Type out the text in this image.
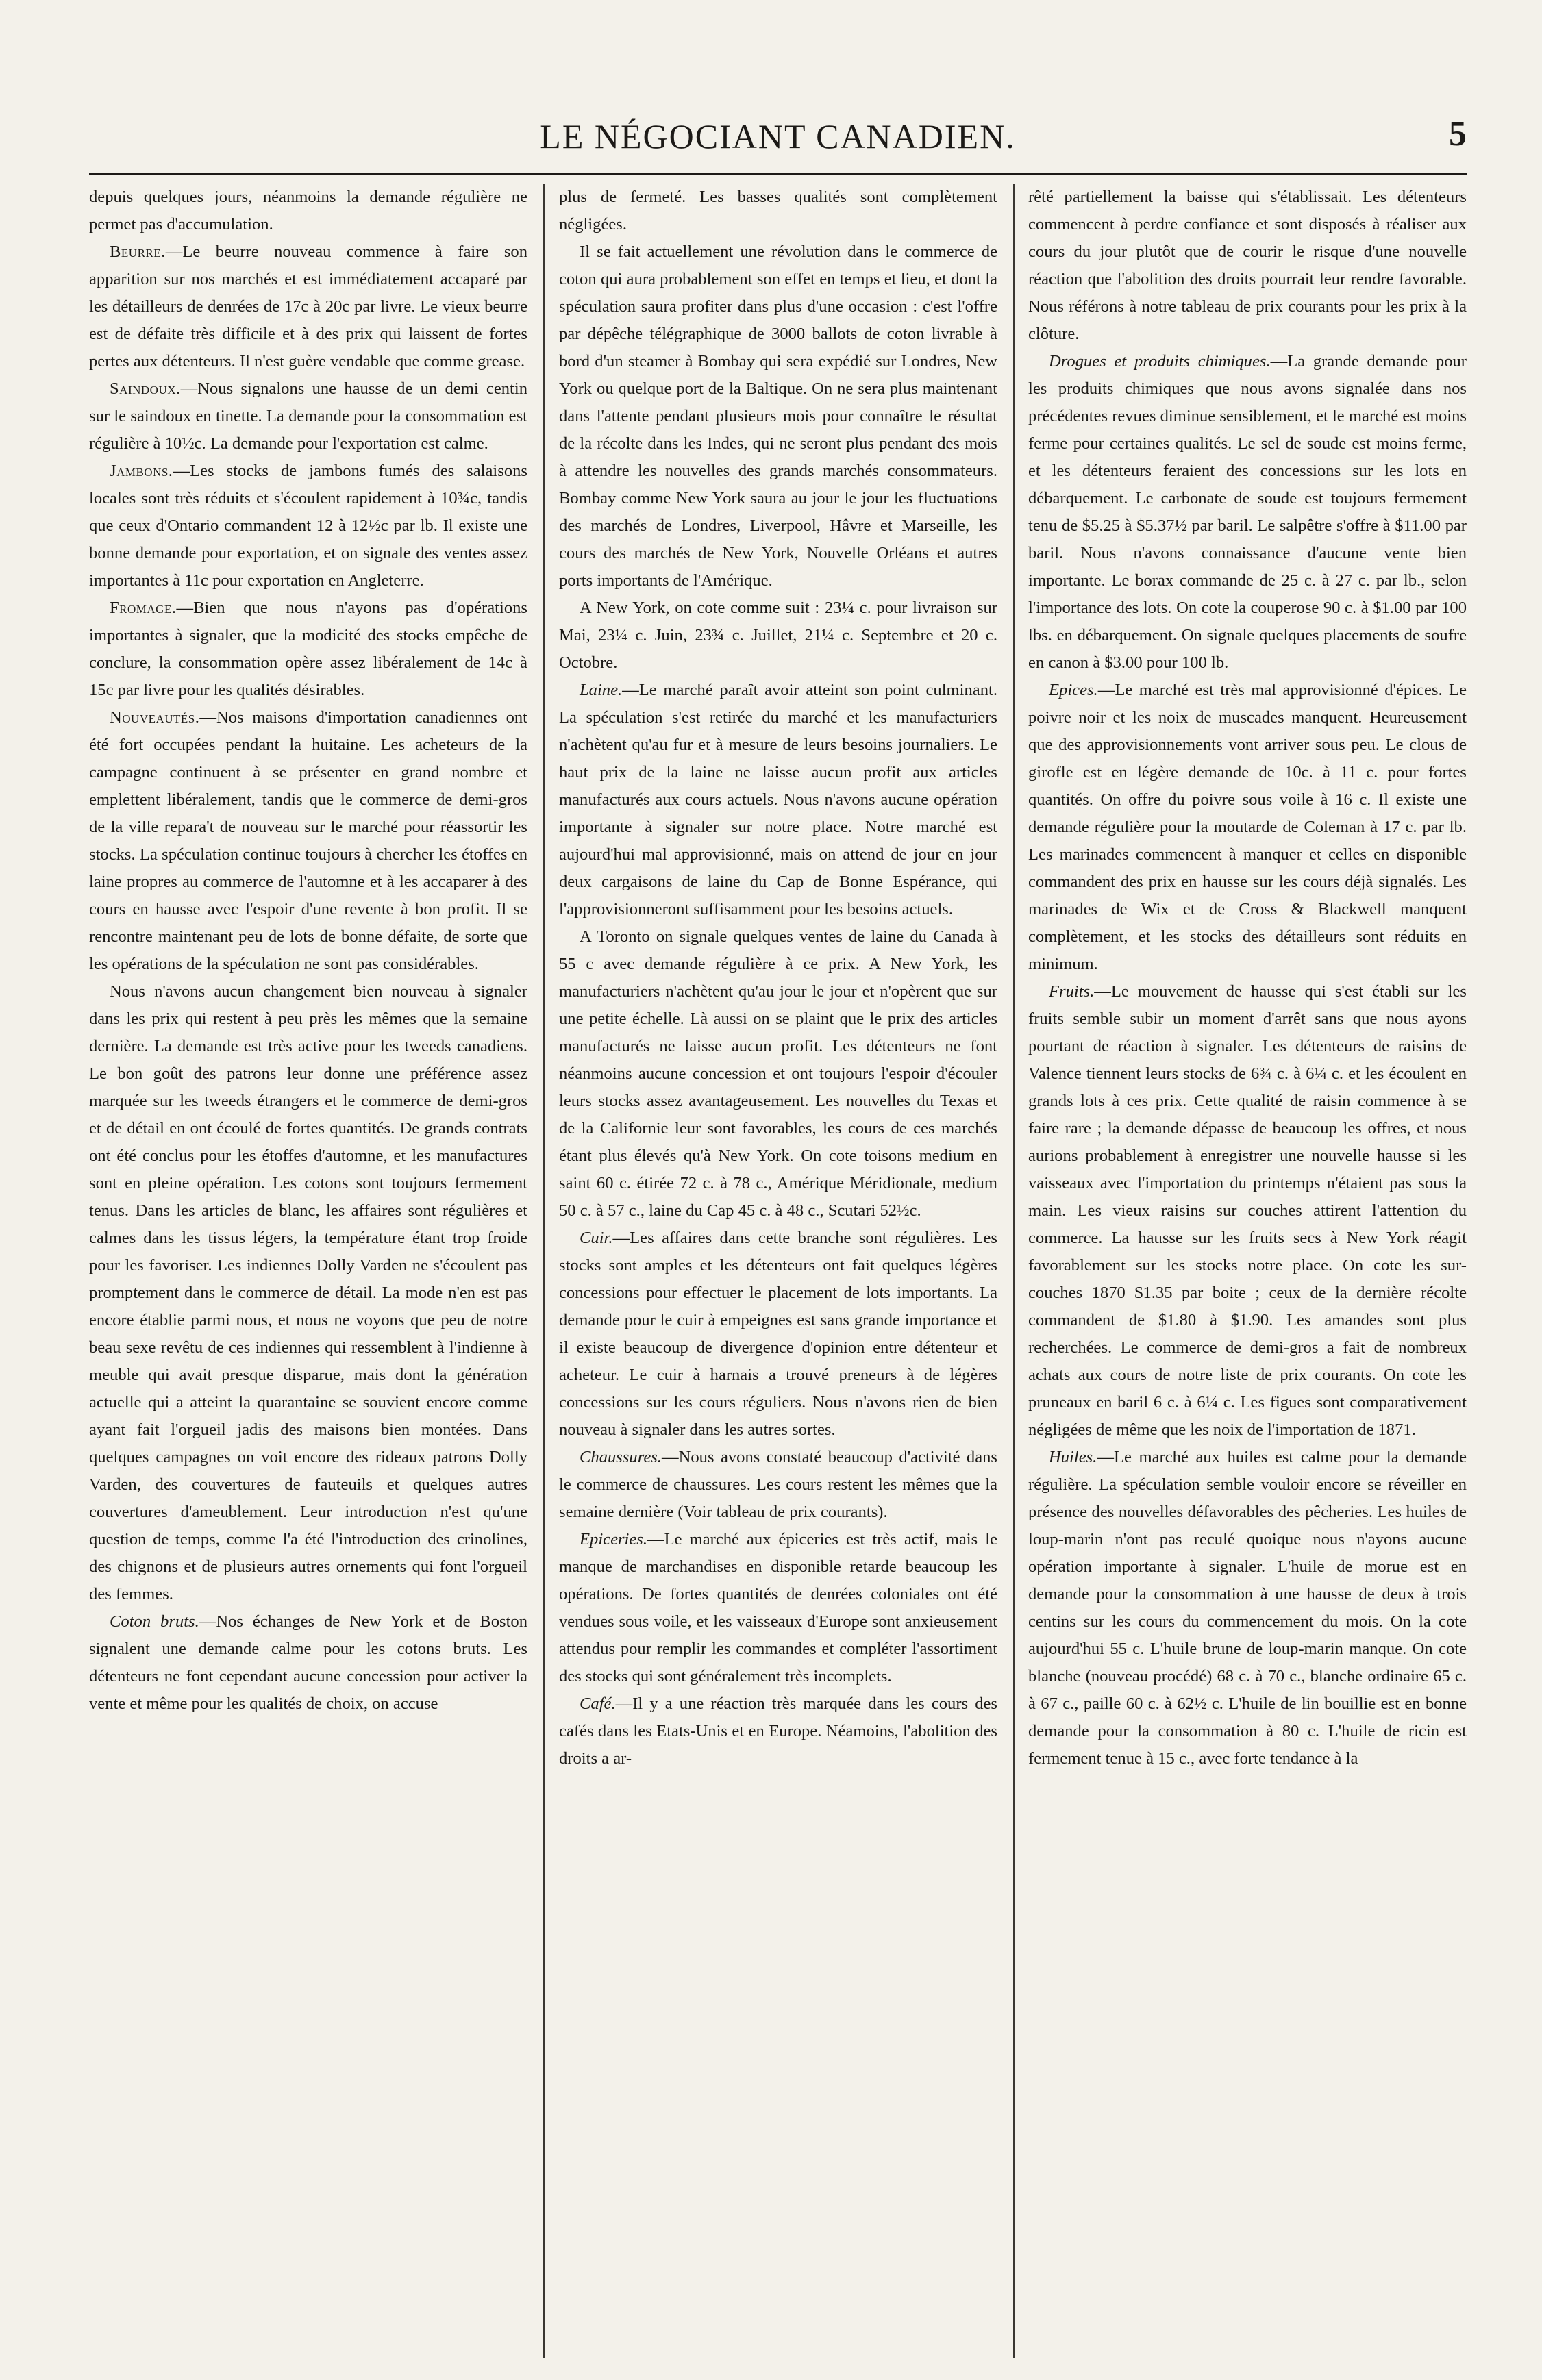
LE NÉGOCIANT CANADIEN.	5

depuis quelques jours, néanmoins la demande régulière ne permet pas d'accumulation.

Beurre.—Le beurre nouveau commence à faire son apparition sur nos marchés et est immédiatement accaparé par les détailleurs de denrées de 17c à 20c par livre. Le vieux beurre est de défaite très difficile et à des prix qui laissent de fortes pertes aux détenteurs. Il n'est guère vendable que comme grease.

Saindoux.—Nous signalons une hausse de un demi centin sur le saindoux en tinette. La demande pour la consommation est régulière à 10½c. La demande pour l'exportation est calme.

Jambons.—Les stocks de jambons fumés des salaisons locales sont très réduits et s'écoulent rapidement à 10¾c, tandis que ceux d'Ontario commandent 12 à 12½c par lb. Il existe une bonne demande pour exportation, et on signale des ventes assez importantes à 11c pour exportation en Angleterre.

Fromage.—Bien que nous n'ayons pas d'opérations importantes à signaler, que la modicité des stocks empêche de conclure, la consommation opère assez libéralement de 14c à 15c par livre pour les qualités désirables.

Nouveautés.—Nos maisons d'importation canadiennes ont été fort occupées pendant la huitaine. Les acheteurs de la campagne continuent à se présenter en grand nombre et emplettent libéralement, tandis que le commerce de demi-gros de la ville repara't de nouveau sur le marché pour réassortir les stocks. La spéculation continue toujours à chercher les étoffes en laine propres au commerce de l'automne et à les accaparer à des cours en hausse avec l'espoir d'une revente à bon profit. Il se rencontre maintenant peu de lots de bonne défaite, de sorte que les opérations de la spéculation ne sont pas considérables.

Nous n'avons aucun changement bien nouveau à signaler dans les prix qui restent à peu près les mêmes que la semaine dernière. La demande est très active pour les tweeds canadiens. Le bon goût des patrons leur donne une préférence assez marquée sur les tweeds étrangers et le commerce de demi-gros et de détail en ont écoulé de fortes quantités. De grands contrats ont été conclus pour les étoffes d'automne, et les manufactures sont en pleine opération. Les cotons sont toujours fermement tenus. Dans les articles de blanc, les affaires sont régulières et calmes dans les tissus légers, la température étant trop froide pour les favoriser. Les indiennes Dolly Varden ne s'écoulent pas promptement dans le commerce de détail. La mode n'en est pas encore établie parmi nous, et nous ne voyons que peu de notre beau sexe revêtu de ces indiennes qui ressemblent à l'indienne à meuble qui avait presque disparue, mais dont la génération actuelle qui a atteint la quarantaine se souvient encore comme ayant fait l'orgueil jadis des maisons bien montées. Dans quelques campagnes on voit encore des rideaux patrons Dolly Varden, des couvertures de fauteuils et quelques autres couvertures d'ameublement. Leur introduction n'est qu'une question de temps, comme l'a été l'introduction des crinolines, des chignons et de plusieurs autres ornements qui font l'orgueil des femmes.

Coton bruts.—Nos échanges de New York et de Boston signalent une demande calme pour les cotons bruts. Les détenteurs ne font cependant aucune concession pour activer la vente et même pour les qualités de choix, on accuse

plus de fermeté. Les basses qualités sont complètement négligées.

Il se fait actuellement une révolution dans le commerce de coton qui aura probablement son effet en temps et lieu, et dont la spéculation saura profiter dans plus d'une occasion : c'est l'offre par dépêche télégraphique de 3000 ballots de coton livrable à bord d'un steamer à Bombay qui sera expédié sur Londres, New York ou quelque port de la Baltique. On ne sera plus maintenant dans l'attente pendant plusieurs mois pour connaître le résultat de la récolte dans les Indes, qui ne seront plus pendant des mois à attendre les nouvelles des grands marchés consommateurs. Bombay comme New York saura au jour le jour les fluctuations des marchés de Londres, Liverpool, Hâvre et Marseille, les cours des marchés de New York, Nouvelle Orléans et autres ports importants de l'Amérique.

A New York, on cote comme suit : 23¼ c. pour livraison sur Mai, 23¼ c. Juin, 23¾ c. Juillet, 21¼ c. Septembre et 20 c. Octobre.

Laine.—Le marché paraît avoir atteint son point culminant. La spéculation s'est retirée du marché et les manufacturiers n'achètent qu'au fur et à mesure de leurs besoins journaliers. Le haut prix de la laine ne laisse aucun profit aux articles manufacturés aux cours actuels. Nous n'avons aucune opération importante à signaler sur notre place. Notre marché est aujourd'hui mal approvisionné, mais on attend de jour en jour deux cargaisons de laine du Cap de Bonne Espérance, qui l'approvisionneront suffisamment pour les besoins actuels.

A Toronto on signale quelques ventes de laine du Canada à 55 c avec demande régulière à ce prix. A New York, les manufacturiers n'achètent qu'au jour le jour et n'opèrent que sur une petite échelle. Là aussi on se plaint que le prix des articles manufacturés ne laisse aucun profit. Les détenteurs ne font néanmoins aucune concession et ont toujours l'espoir d'écouler leurs stocks assez avantageusement. Les nouvelles du Texas et de la Californie leur sont favorables, les cours de ces marchés étant plus élevés qu'à New York. On cote toisons medium en saint 60 c. étirée 72 c. à 78 c., Amérique Méridionale, medium 50 c. à 57 c., laine du Cap 45 c. à 48 c., Scutari 52½c.

Cuir.—Les affaires dans cette branche sont régulières. Les stocks sont amples et les détenteurs ont fait quelques légères concessions pour effectuer le placement de lots importants. La demande pour le cuir à empeignes est sans grande importance et il existe beaucoup de divergence d'opinion entre détenteur et acheteur. Le cuir à harnais a trouvé preneurs à de légères concessions sur les cours réguliers. Nous n'avons rien de bien nouveau à signaler dans les autres sortes.

Chaussures.—Nous avons constaté beaucoup d'activité dans le commerce de chaussures. Les cours restent les mêmes que la semaine dernière (Voir tableau de prix courants).

Epiceries.—Le marché aux épiceries est très actif, mais le manque de marchandises en disponible retarde beaucoup les opérations. De fortes quantités de denrées coloniales ont été vendues sous voile, et les vaisseaux d'Europe sont anxieusement attendus pour remplir les commandes et compléter l'assortiment des stocks qui sont généralement très incomplets.

Café.—Il y a une réaction très marquée dans les cours des cafés dans les Etats-Unis et en Europe. Néamoins, l'abolition des droits a ar-

rêté partiellement la baisse qui s'établissait. Les détenteurs commencent à perdre confiance et sont disposés à réaliser aux cours du jour plutôt que de courir le risque d'une nouvelle réaction que l'abolition des droits pourrait leur rendre favorable. Nous référons à notre tableau de prix courants pour les prix à la clôture.

Drogues et produits chimiques.—La grande demande pour les produits chimiques que nous avons signalée dans nos précédentes revues diminue sensiblement, et le marché est moins ferme pour certaines qualités. Le sel de soude est moins ferme, et les détenteurs feraient des concessions sur les lots en débarquement. Le carbonate de soude est toujours fermement tenu de $5.25 à $5.37½ par baril. Le salpêtre s'offre à $11.00 par baril. Nous n'avons connaissance d'aucune vente bien importante. Le borax commande de 25 c. à 27 c. par lb., selon l'importance des lots. On cote la couperose 90 c. à $1.00 par 100 lbs. en débarquement. On signale quelques placements de soufre en canon à $3.00 pour 100 lb.

Epices.—Le marché est très mal approvisionné d'épices. Le poivre noir et les noix de muscades manquent. Heureusement que des approvisionnements vont arriver sous peu. Le clous de girofle est en légère demande de 10c. à 11 c. pour fortes quantités. On offre du poivre sous voile à 16 c. Il existe une demande régulière pour la moutarde de Coleman à 17 c. par lb. Les marinades commencent à manquer et celles en disponible commandent des prix en hausse sur les cours déjà signalés. Les marinades de Wix et de Cross & Blackwell manquent complètement, et les stocks des détailleurs sont réduits en minimum.

Fruits.—Le mouvement de hausse qui s'est établi sur les fruits semble subir un moment d'arrêt sans que nous ayons pourtant de réaction à signaler. Les détenteurs de raisins de Valence tiennent leurs stocks de 6¾ c. à 6¼ c. et les écoulent en grands lots à ces prix. Cette qualité de raisin commence à se faire rare ; la demande dépasse de beaucoup les offres, et nous aurions probablement à enregistrer une nouvelle hausse si les vaisseaux avec l'importation du printemps n'étaient pas sous la main. Les vieux raisins sur couches attirent l'attention du commerce. La hausse sur les fruits secs à New York réagit favorablement sur les stocks notre place. On cote les sur-couches 1870 $1.35 par boite ; ceux de la dernière récolte commandent de $1.80 à $1.90. Les amandes sont plus recherchées. Le commerce de demi-gros a fait de nombreux achats aux cours de notre liste de prix courants. On cote les pruneaux en baril 6 c. à 6¼ c. Les figues sont comparativement négligées de même que les noix de l'importation de 1871.

Huiles.—Le marché aux huiles est calme pour la demande régulière. La spéculation semble vouloir encore se réveiller en présence des nouvelles défavorables des pêcheries. Les huiles de loup-marin n'ont pas reculé quoique nous n'ayons aucune opération importante à signaler. L'huile de morue est en demande pour la consommation à une hausse de deux à trois centins sur les cours du commencement du mois. On la cote aujourd'hui 55 c. L'huile brune de loup-marin manque. On cote blanche (nouveau procédé) 68 c. à 70 c., blanche ordinaire 65 c. à 67 c., paille 60 c. à 62½ c. L'huile de lin bouillie est en bonne demande pour la consommation à 80 c. L'huile de ricin est fermement tenue à 15 c., avec forte tendance à la
